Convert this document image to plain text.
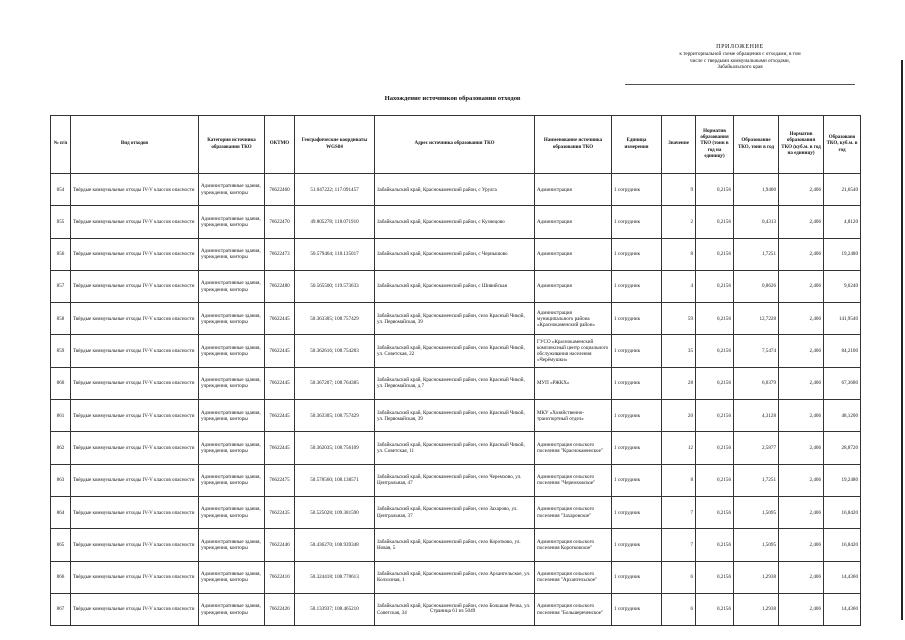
ПРИЛОЖЕНИЕ
к территориальной схеме обращения с отходами, в том
числе с твердыми коммунальными отходами,
Забайкальского края
Нахождение источников образования отходов
№ п/п	Вид отходов	Категория источника образования ТКО	ОКТМО	Географические координаты WGS84	Адрес источника образования ТКО	Наименование источника образования ТКО	Единица измерения	Значение	Норматив образования ТКО (тонн в год на единицу)	Образование ТКО, тонн в год	Норматив образования ТКО (куб.м. в год на единицу)	Образовано ТКО, куб.м. в год
854	Твёрдые коммунальные отходы IV-V классов опасности	Административные здания, учреждения, конторы	76622460	51.047222; 117.091457	Забайкальский край, Краснокаменский район, с Урулга	Администрация	1 сотрудник	9	0,2156	1,9400	2,406	21,6540
855	Твёрдые коммунальные отходы IV-V классов опасности	Административные здания, учреждения, конторы	76622470	49.805278; 118.071910	Забайкальский край, Краснокаменский район, с Кузнецово	Администрация	1 сотрудник	2	0,2156	0,4313	2,406	4,8120
856	Твёрдые коммунальные отходы IV-V классов опасности	Административные здания, учреждения, конторы	76622473	50.579464; 118.135017	Забайкальский край, Краснокаменский район, с Чернышово	Администрация	1 сотрудник	8	0,2156	1,7251	2,406	19,2480
857	Твёрдые коммунальные отходы IV-V классов опасности	Административные здания, учреждения, конторы	76622480	50.565500; 119.573633	Забайкальский край, Краснокаменский район, с Шивийская	Администрация	1 сотрудник	4	0,2156	0,8626	2,406	9,6240
858	Твёрдые коммунальные отходы IV-V классов опасности	Административные здания, учреждения, конторы	76622445	50.363305; 108.757429	Забайкальский край, Краснокаменский район, село Красный Чикой, ул. Первомайская, 39	Администрация муниципального района «Краснокаменский район»	1 сотрудник	59	0,2156	12,7228	2,406	141,9540
859	Твёрдые коммунальные отходы IV-V классов опасности	Административные здания, учреждения, конторы	76622445	50.362616; 108.754283	Забайкальский край, Краснокаменский район, село Красный Чикой, ул. Советская, 22	ГУСО «Краснокаменский комплексный центр социального обслуживания населения «Черёмушки»	1 сотрудник	35	0,2156	7,5474	2,406	84,2100
860	Твёрдые коммунальные отходы IV-V классов опасности	Административные здания, учреждения, конторы	76622445	50.367207; 108.764385	Забайкальский край, Краснокаменский район, село Красный Чикой, ул. Первомайская, д.7	МУП «РЖКХ»	1 сотрудник	28	0,2156	6,0379	2,406	67,3680
861	Твёрдые коммунальные отходы IV-V классов опасности	Административные здания, учреждения, конторы	76622445	50.363305; 108.757429	Забайкальский край, Краснокаменский район, село Красный Чикой, ул. Первомайская, 39	МКУ «Хозяйственно-транспортный отдел»	1 сотрудник	20	0,2156	4,3128	2,406	48,1200
862	Твёрдые коммунальные отходы IV-V классов опасности	Административные здания, учреждения, конторы	76622445	50.362035; 108.756109	Забайкальский край, Краснокаменский район, село Красный Чикой, ул. Советская, 11	Администрация сельского поселения "Краснокаменское"	1 сотрудник	12	0,2156	2,5877	2,406	28,8720
863	Твёрдые коммунальные отходы IV-V классов опасности	Административные здания, учреждения, конторы	76622475	50.578560; 108.138571	Забайкальский край, Краснокаменский район, село Черемхово, ул. Центральная, 47	Администрация сельского поселения "Черемховское"	1 сотрудник	8	0,2156	1,7251	2,406	19,2480
864	Твёрдые коммунальные отходы IV-V классов опасности	Административные здания, учреждения, конторы	76622435	50.525028; 109.381590	Забайкальский край, Краснокаменский район, село Захарово, ул. Центральная, 37	Администрация сельского поселения "Захаровское"	1 сотрудник	7	0,2156	1,5095	2,406	16,8420
865	Твёрдые коммунальные отходы IV-V классов опасности	Административные здания, учреждения, конторы	76622440	50.436270; 108.939348	Забайкальский край, Краснокаменский район, село Коротково, ул. Новая, 5	Администрация сельского поселения Коротковское"	1 сотрудник	7	0,2156	1,5095	2,406	16,8420
866	Твёрдые коммунальные отходы IV-V классов опасности	Административные здания, учреждения, конторы	76622410	50.324418; 108.770613	Забайкальский край, Краснокаменский район, село Архангельское, ул. Колхозная, 1	Администрация сельского поселения "Архангельское"	1 сотрудник	6	0,2156	1,2938	2,406	14,4360
867	Твёрдые коммунальные отходы IV-V классов опасности	Административные здания, учреждения, конторы	76622420	50.133937; 108.465210	Забайкальский край, Краснокаменский район, село Большая Речка, ул. Советская, 34	Администрация сельского поселения "Большереченское"	1 сотрудник	6	0,2156	1,2938	2,406	14,4360
Страница 61 из 5049
